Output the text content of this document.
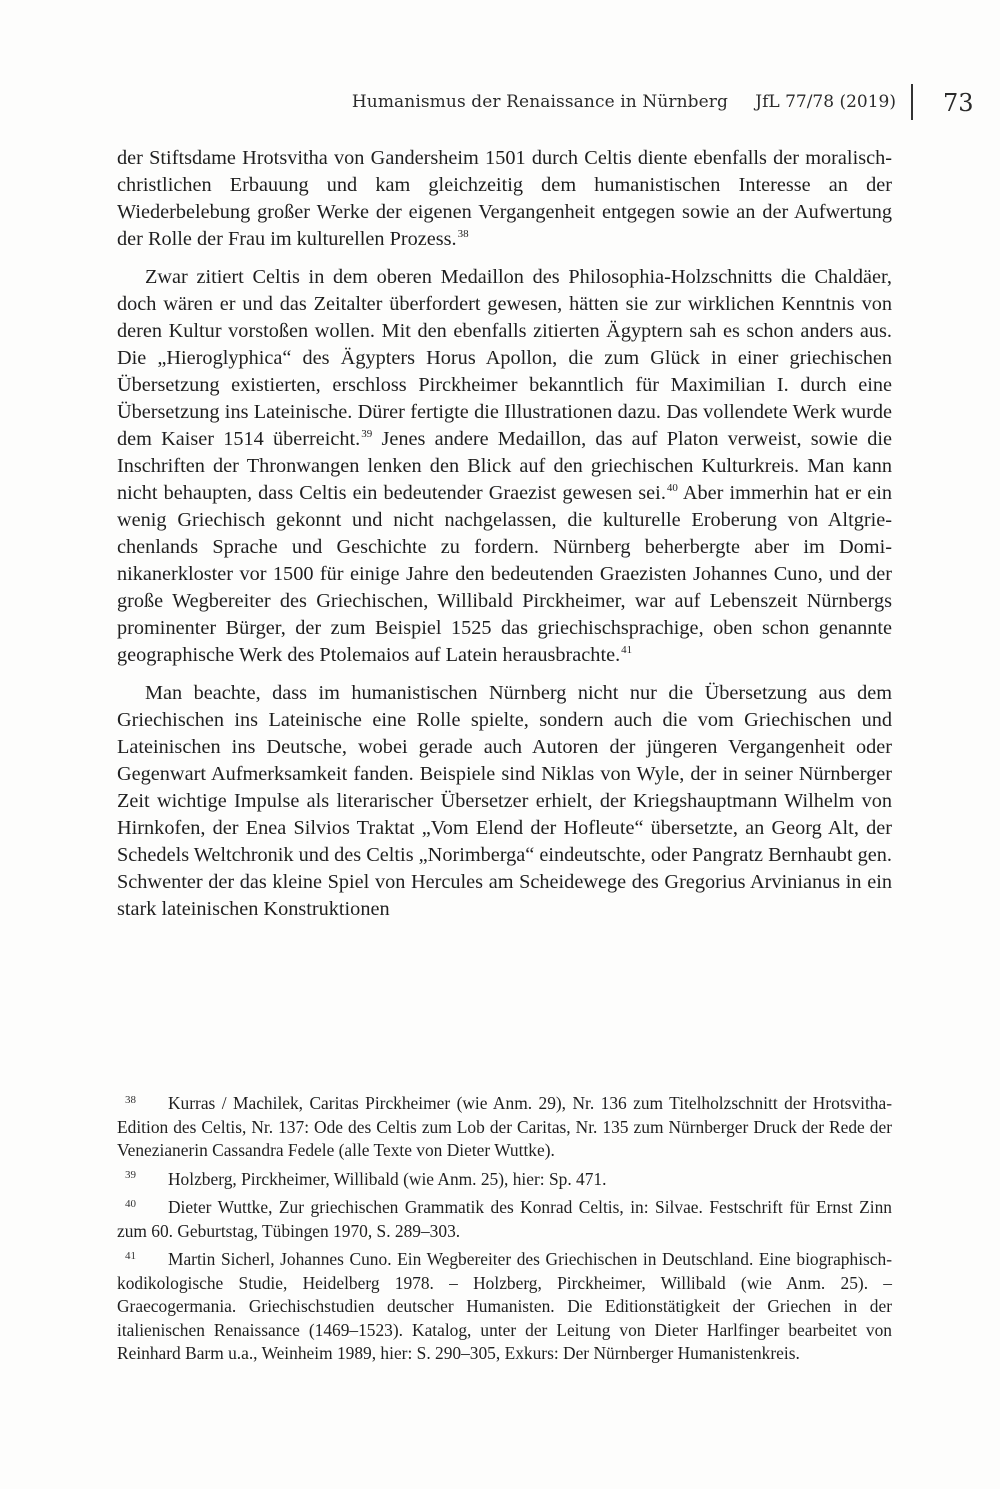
Humanismus der Renaissance in Nürnberg JfL 77/78 (2019) 73

der Stiftsdame Hrotsvitha von Gandersheim 1501 durch Celtis diente ebenfalls der moralisch-christlichen Erbauung und kam gleichzeitig dem humanistischen Interesse an der Wiederbelebung großer Werke der eigenen Vergangenheit entgegen sowie an der Aufwertung der Rolle der Frau im kulturellen Prozess.$^{38}$

Zwar zitiert Celtis in dem oberen Medaillon des Philosophia-Holzschnitts die Chaldäer, doch wären er und das Zeitalter überfordert gewesen, hätten sie zur wirklichen Kenntnis von deren Kultur vorstoßen wollen. Mit den ebenfalls zitierten Ägyptern sah es schon anders aus. Die „Hieroglyphica“ des Ägypters Horus Apollon, die zum Glück in einer griechischen Übersetzung existierten, erschloss Pirckheimer bekanntlich für Maximilian I. durch eine Übersetzung ins Lateinische. Dürer fertigte die Illustrationen dazu. Das vollendete Werk wurde dem Kaiser 1514 überreicht.$^{39}$ Jenes andere Medaillon, das auf Platon verweist, sowie die Inschriften der Thronwangen lenken den Blick auf den griechischen Kulturkreis. Man kann nicht behaupten, dass Celtis ein bedeutender Graezist gewesen sei.$^{40}$ Aber immerhin hat er ein wenig Griechisch gekonnt und nicht nachgelassen, die kulturelle Eroberung von Altgriechenlands Sprache und Geschichte zu fordern. Nürnberg beherbergte aber im Dominikanerkloster vor 1500 für einige Jahre den bedeutenden Graezisten Johannes Cuno, und der große Wegbereiter des Griechischen, Willibald Pirckheimer, war auf Lebenszeit Nürnbergs prominenter Bürger, der zum Beispiel 1525 das griechischsprachige, oben schon genannte geographische Werk des Ptolemaios auf Latein herausbrachte.$^{41}$

Man beachte, dass im humanistischen Nürnberg nicht nur die Übersetzung aus dem Griechischen ins Lateinische eine Rolle spielte, sondern auch die vom Griechischen und Lateinischen ins Deutsche, wobei gerade auch Autoren der jüngeren Vergangenheit oder Gegenwart Aufmerksamkeit fanden. Beispiele sind Niklas von Wyle, der in seiner Nürnberger Zeit wichtige Impulse als literarischer Übersetzer erhielt, der Kriegshauptmann Wilhelm von Hirnkofen, der Enea Silvios Traktat „Vom Elend der Hofleute“ übersetzte, an Georg Alt, der Schedels Weltchronik und des Celtis „Norimberga“ eindeutschte, oder Pangratz Bernhaubt gen. Schwenter der das kleine Spiel von Hercules am Scheidewege des Gregorius Arvinianus in ein stark lateinischen Konstruktionen

38 Kurras / Machilek, Caritas Pirckheimer (wie Anm. 29), Nr. 136 zum Titelholzschnitt der Hrotsvitha-Edition des Celtis, Nr. 137: Ode des Celtis zum Lob der Caritas, Nr. 135 zum Nürnberger Druck der Rede der Venezianerin Cassandra Fedele (alle Texte von Dieter Wuttke).

39 Holzberg, Pirckheimer, Willibald (wie Anm. 25), hier: Sp. 471.

40 Dieter Wuttke, Zur griechischen Grammatik des Konrad Celtis, in: Silvae. Festschrift für Ernst Zinn zum 60. Geburtstag, Tübingen 1970, S. 289–303.

41 Martin Sicherl, Johannes Cuno. Ein Wegbereiter des Griechischen in Deutschland. Eine biographisch-kodikologische Studie, Heidelberg 1978. – Holzberg, Pirckheimer, Willibald (wie Anm. 25). – Graecogermania. Griechischstudien deutscher Humanisten. Die Editionstätigkeit der Griechen in der italienischen Renaissance (1469–1523). Katalog, unter der Leitung von Dieter Harlfinger bearbeitet von Reinhard Barm u.a., Weinheim 1989, hier: S. 290–305, Exkurs: Der Nürnberger Humanistenkreis.
